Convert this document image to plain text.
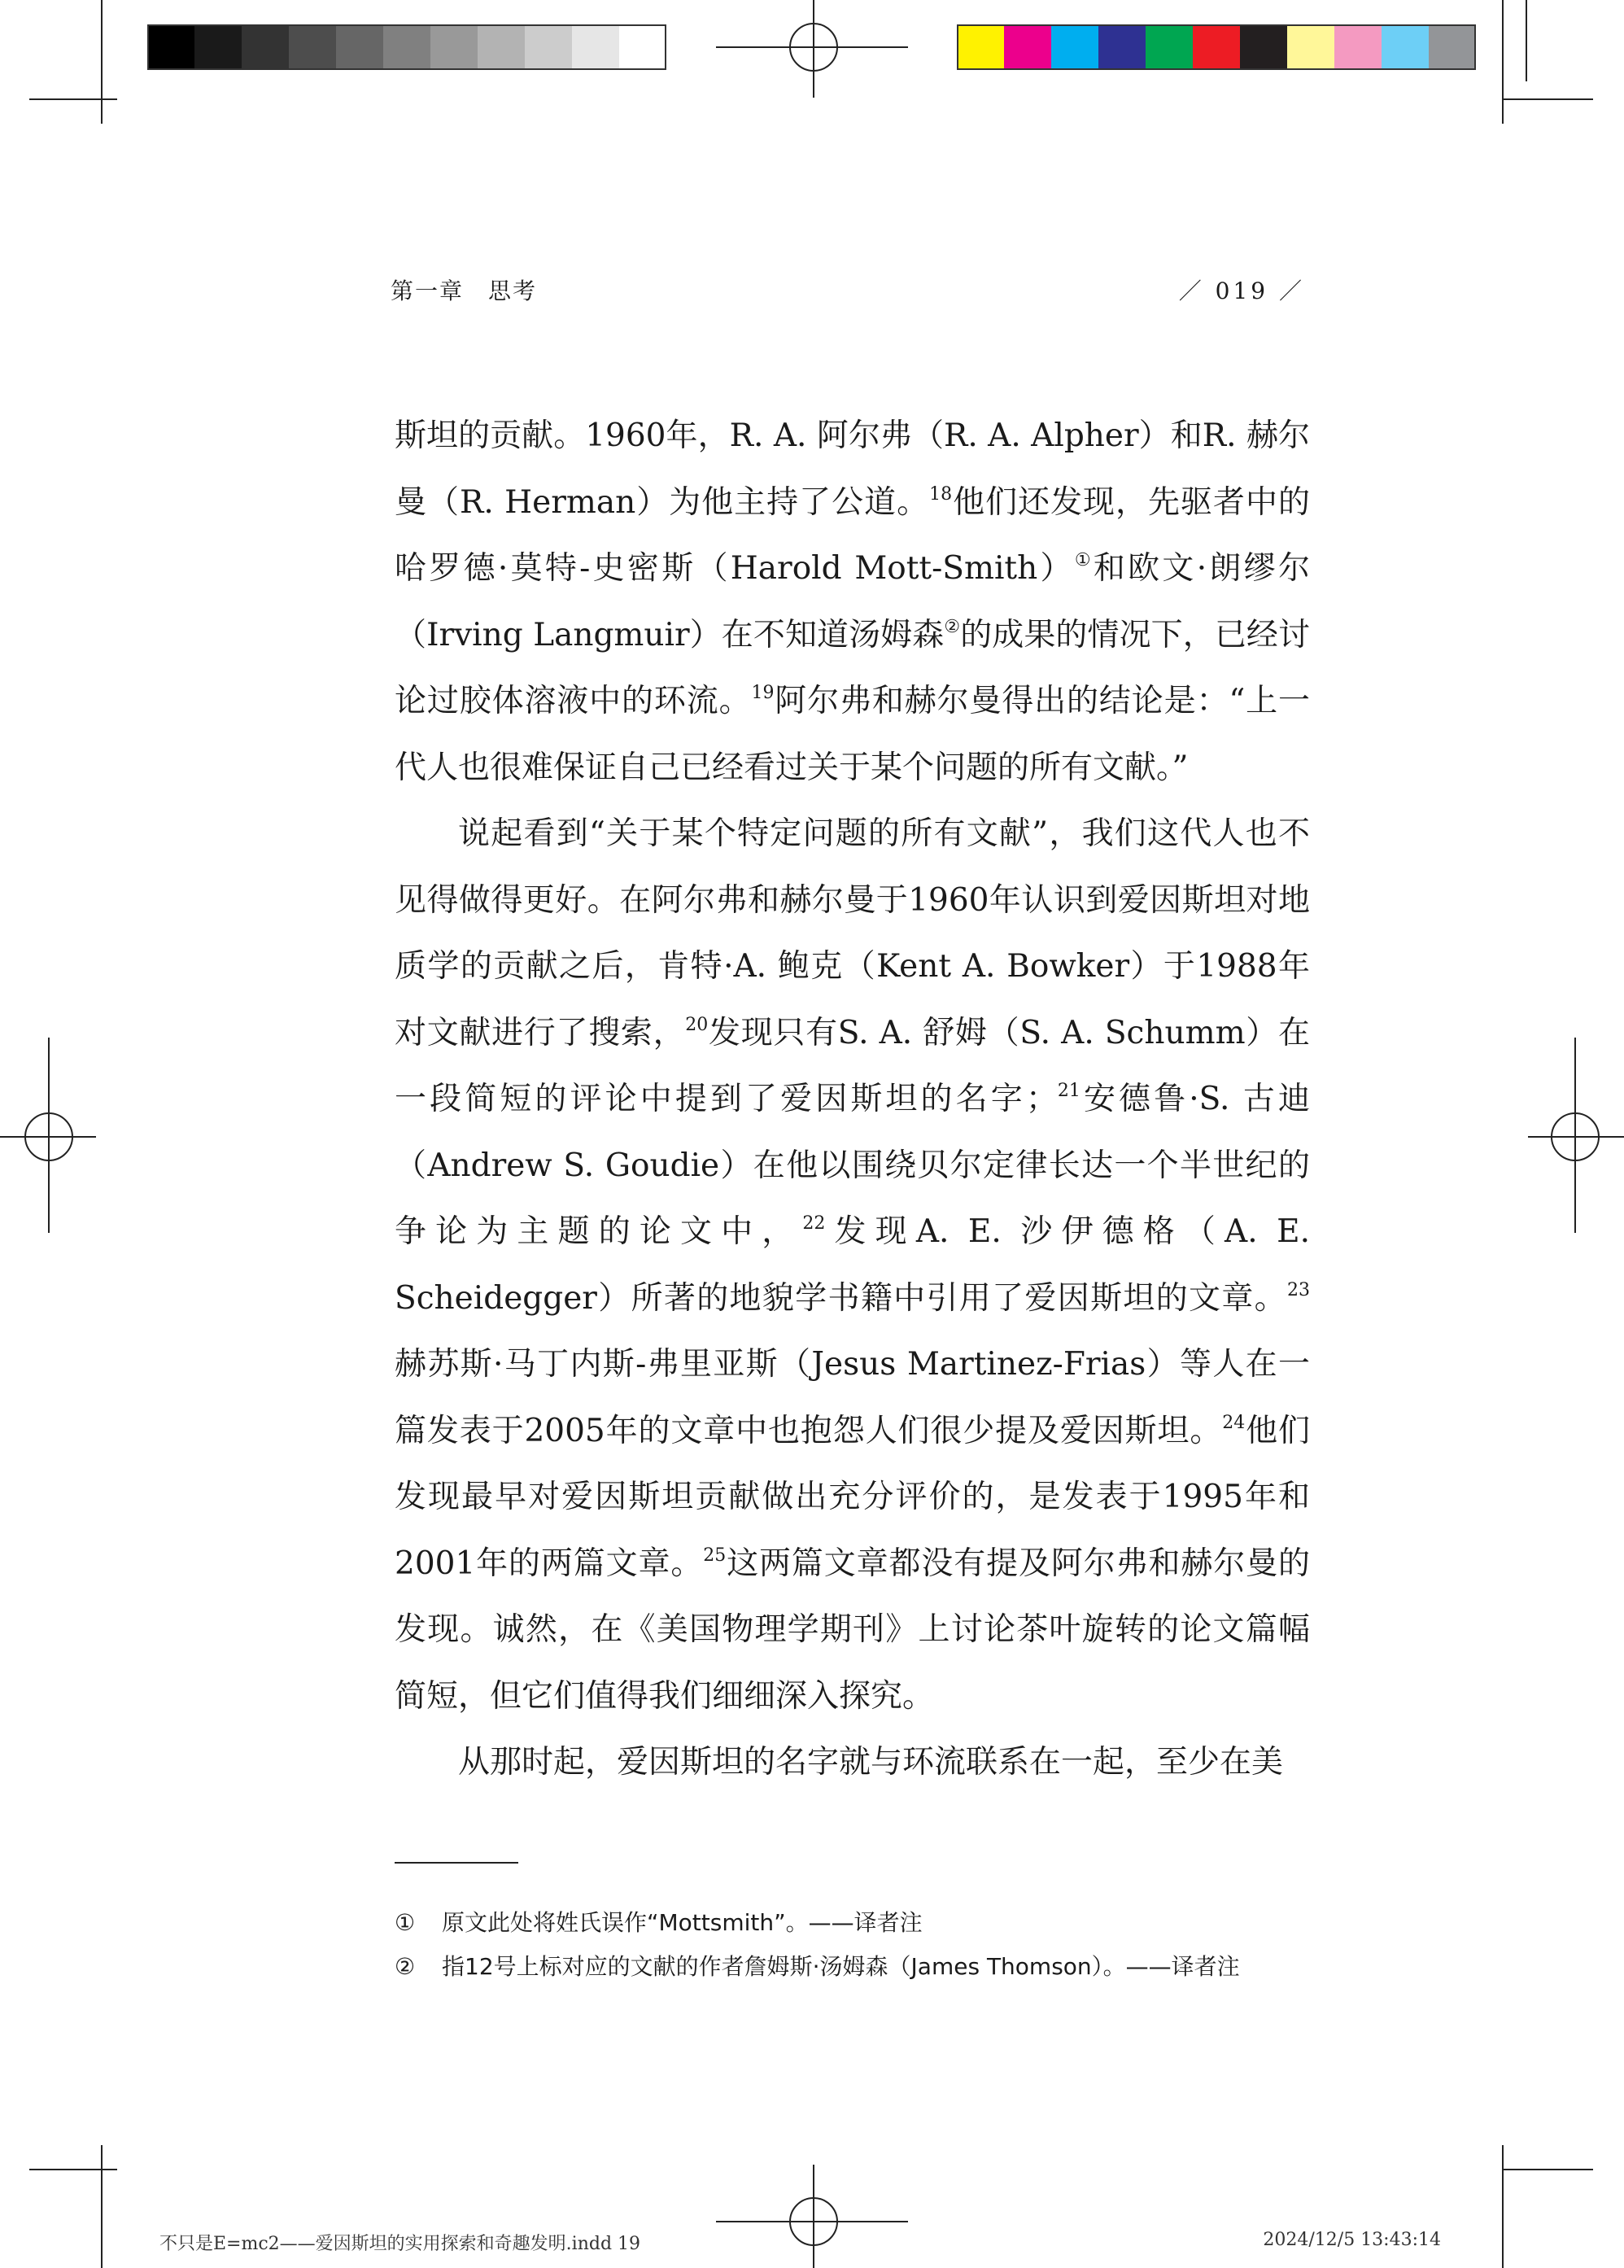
第一章　思考	／ 019 ／

斯坦的贡献。1960年，R. A. 阿尔弗（R. A. Alpher）和R. 赫尔曼（R. Herman）为他主持了公道。$^{18}$他们还发现，先驱者中的哈罗德·莫特-史密斯（Harold Mott-Smith）①和欧文·朗缪尔（Irving Langmuir）在不知道汤姆森②的成果的情况下，已经讨论过胶体溶液中的环流。$^{19}$阿尔弗和赫尔曼得出的结论是：“上一代人也很难保证自己已经看过关于某个问题的所有文献。”

说起看到“关于某个特定问题的所有文献”，我们这代人也不见得做得更好。在阿尔弗和赫尔曼于1960年认识到爱因斯坦对地质学的贡献之后，肯特·A. 鲍克（Kent A. Bowker）于1988年对文献进行了搜索，$^{20}$发现只有S. A. 舒姆（S. A. Schumm）在一段简短的评论中提到了爱因斯坦的名字；$^{21}$安德鲁·S. 古迪（Andrew S. Goudie）在他以围绕贝尔定律长达一个半世纪的争论为主题的论文中，$^{22}$发现A. E. 沙伊德格（A. E. Scheidegger）所著的地貌学书籍中引用了爱因斯坦的文章。$^{23}$赫苏斯·马丁内斯-弗里亚斯（Jesus Martinez-Frias）等人在一篇发表于2005年的文章中也抱怨人们很少提及爱因斯坦。$^{24}$他们发现最早对爱因斯坦贡献做出充分评价的，是发表于1995年和2001年的两篇文章。$^{25}$这两篇文章都没有提及阿尔弗和赫尔曼的发现。诚然，在《美国物理学期刊》上讨论茶叶旋转的论文篇幅简短，但它们值得我们细细深入探究。

从那时起，爱因斯坦的名字就与环流联系在一起，至少在美

①	原文此处将姓氏误作“Mottsmith”。——译者注
②	指12号上标对应的文献的作者詹姆斯·汤姆森（James Thomson）。——译者注
不只是E=mc2——爱因斯坦的实用探索和奇趣发明.indd 19	2024/12/5 13:43:14
